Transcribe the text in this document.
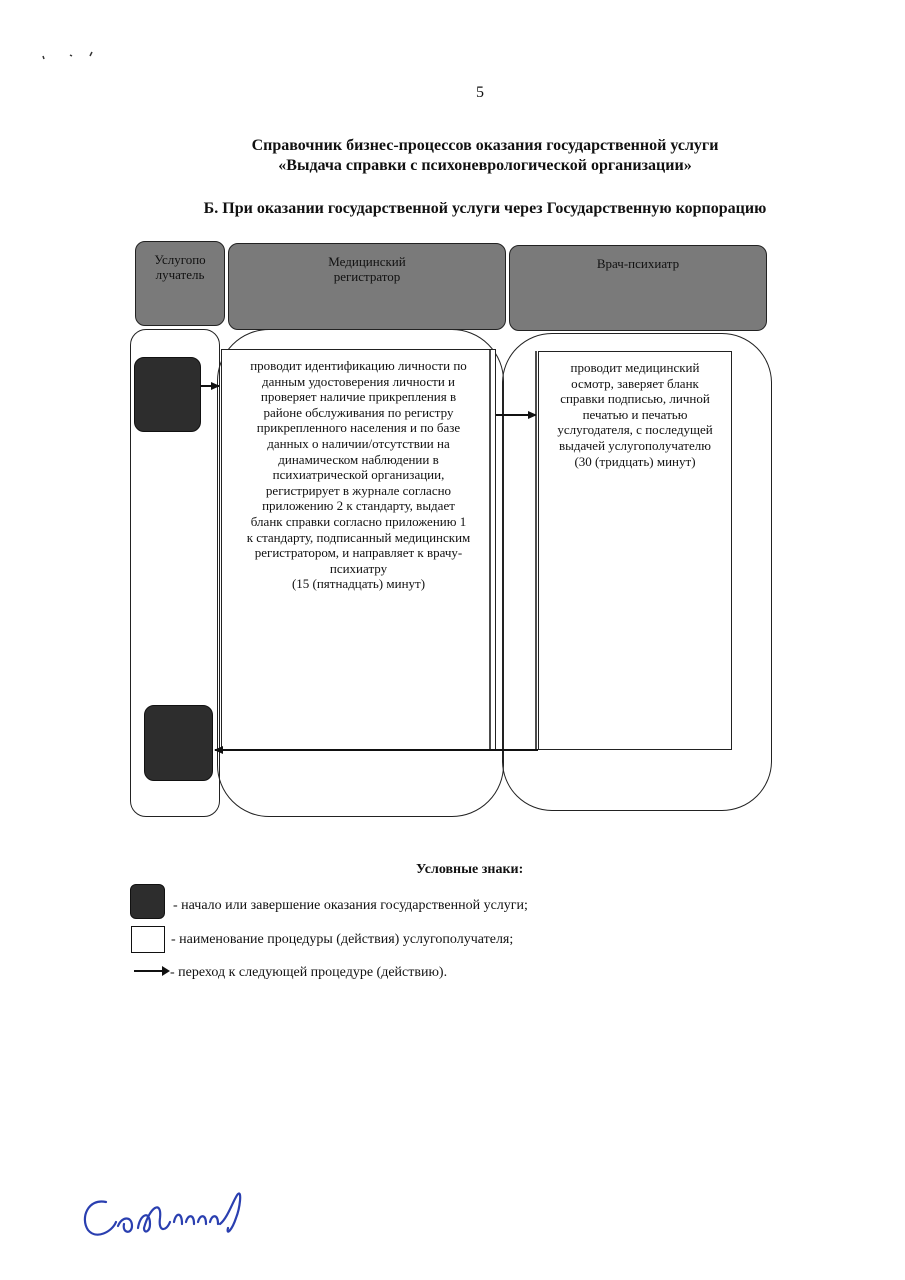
5
Справочник бизнес-процессов оказания государственной услуги
«Выдача справки с психоневрологической организации»
Б. При оказании государственной услуги через Государственную корпорацию
Услугопо
лучатель
Медицинский
регистратор
Врач-психиатр
проводит идентификацию личности по
данным удостоверения личности и
проверяет наличие прикрепления в
районе обслуживания по регистру
прикрепленного населения и по базе
данных о наличии/отсутствии на
динамическом наблюдении в
психиатрической организации,
регистрирует в журнале согласно
приложению 2 к стандарту, выдает
бланк справки согласно приложению 1
к стандарту, подписанный медицинским
регистратором, и направляет к врачу-
психиатру
(15 (пятнадцать) минут)
проводит медицинский
осмотр, заверяет бланк
справки подписью, личной
печатью и печатью
услугодателя, с последущей
выдачей услугополучателю
(30 (тридцать) минут)
Условные знаки:
- начало или завершение оказания государственной услуги;
- наименование процедуры (действия) услугополучателя;
- переход к следующей процедуре (действию).
